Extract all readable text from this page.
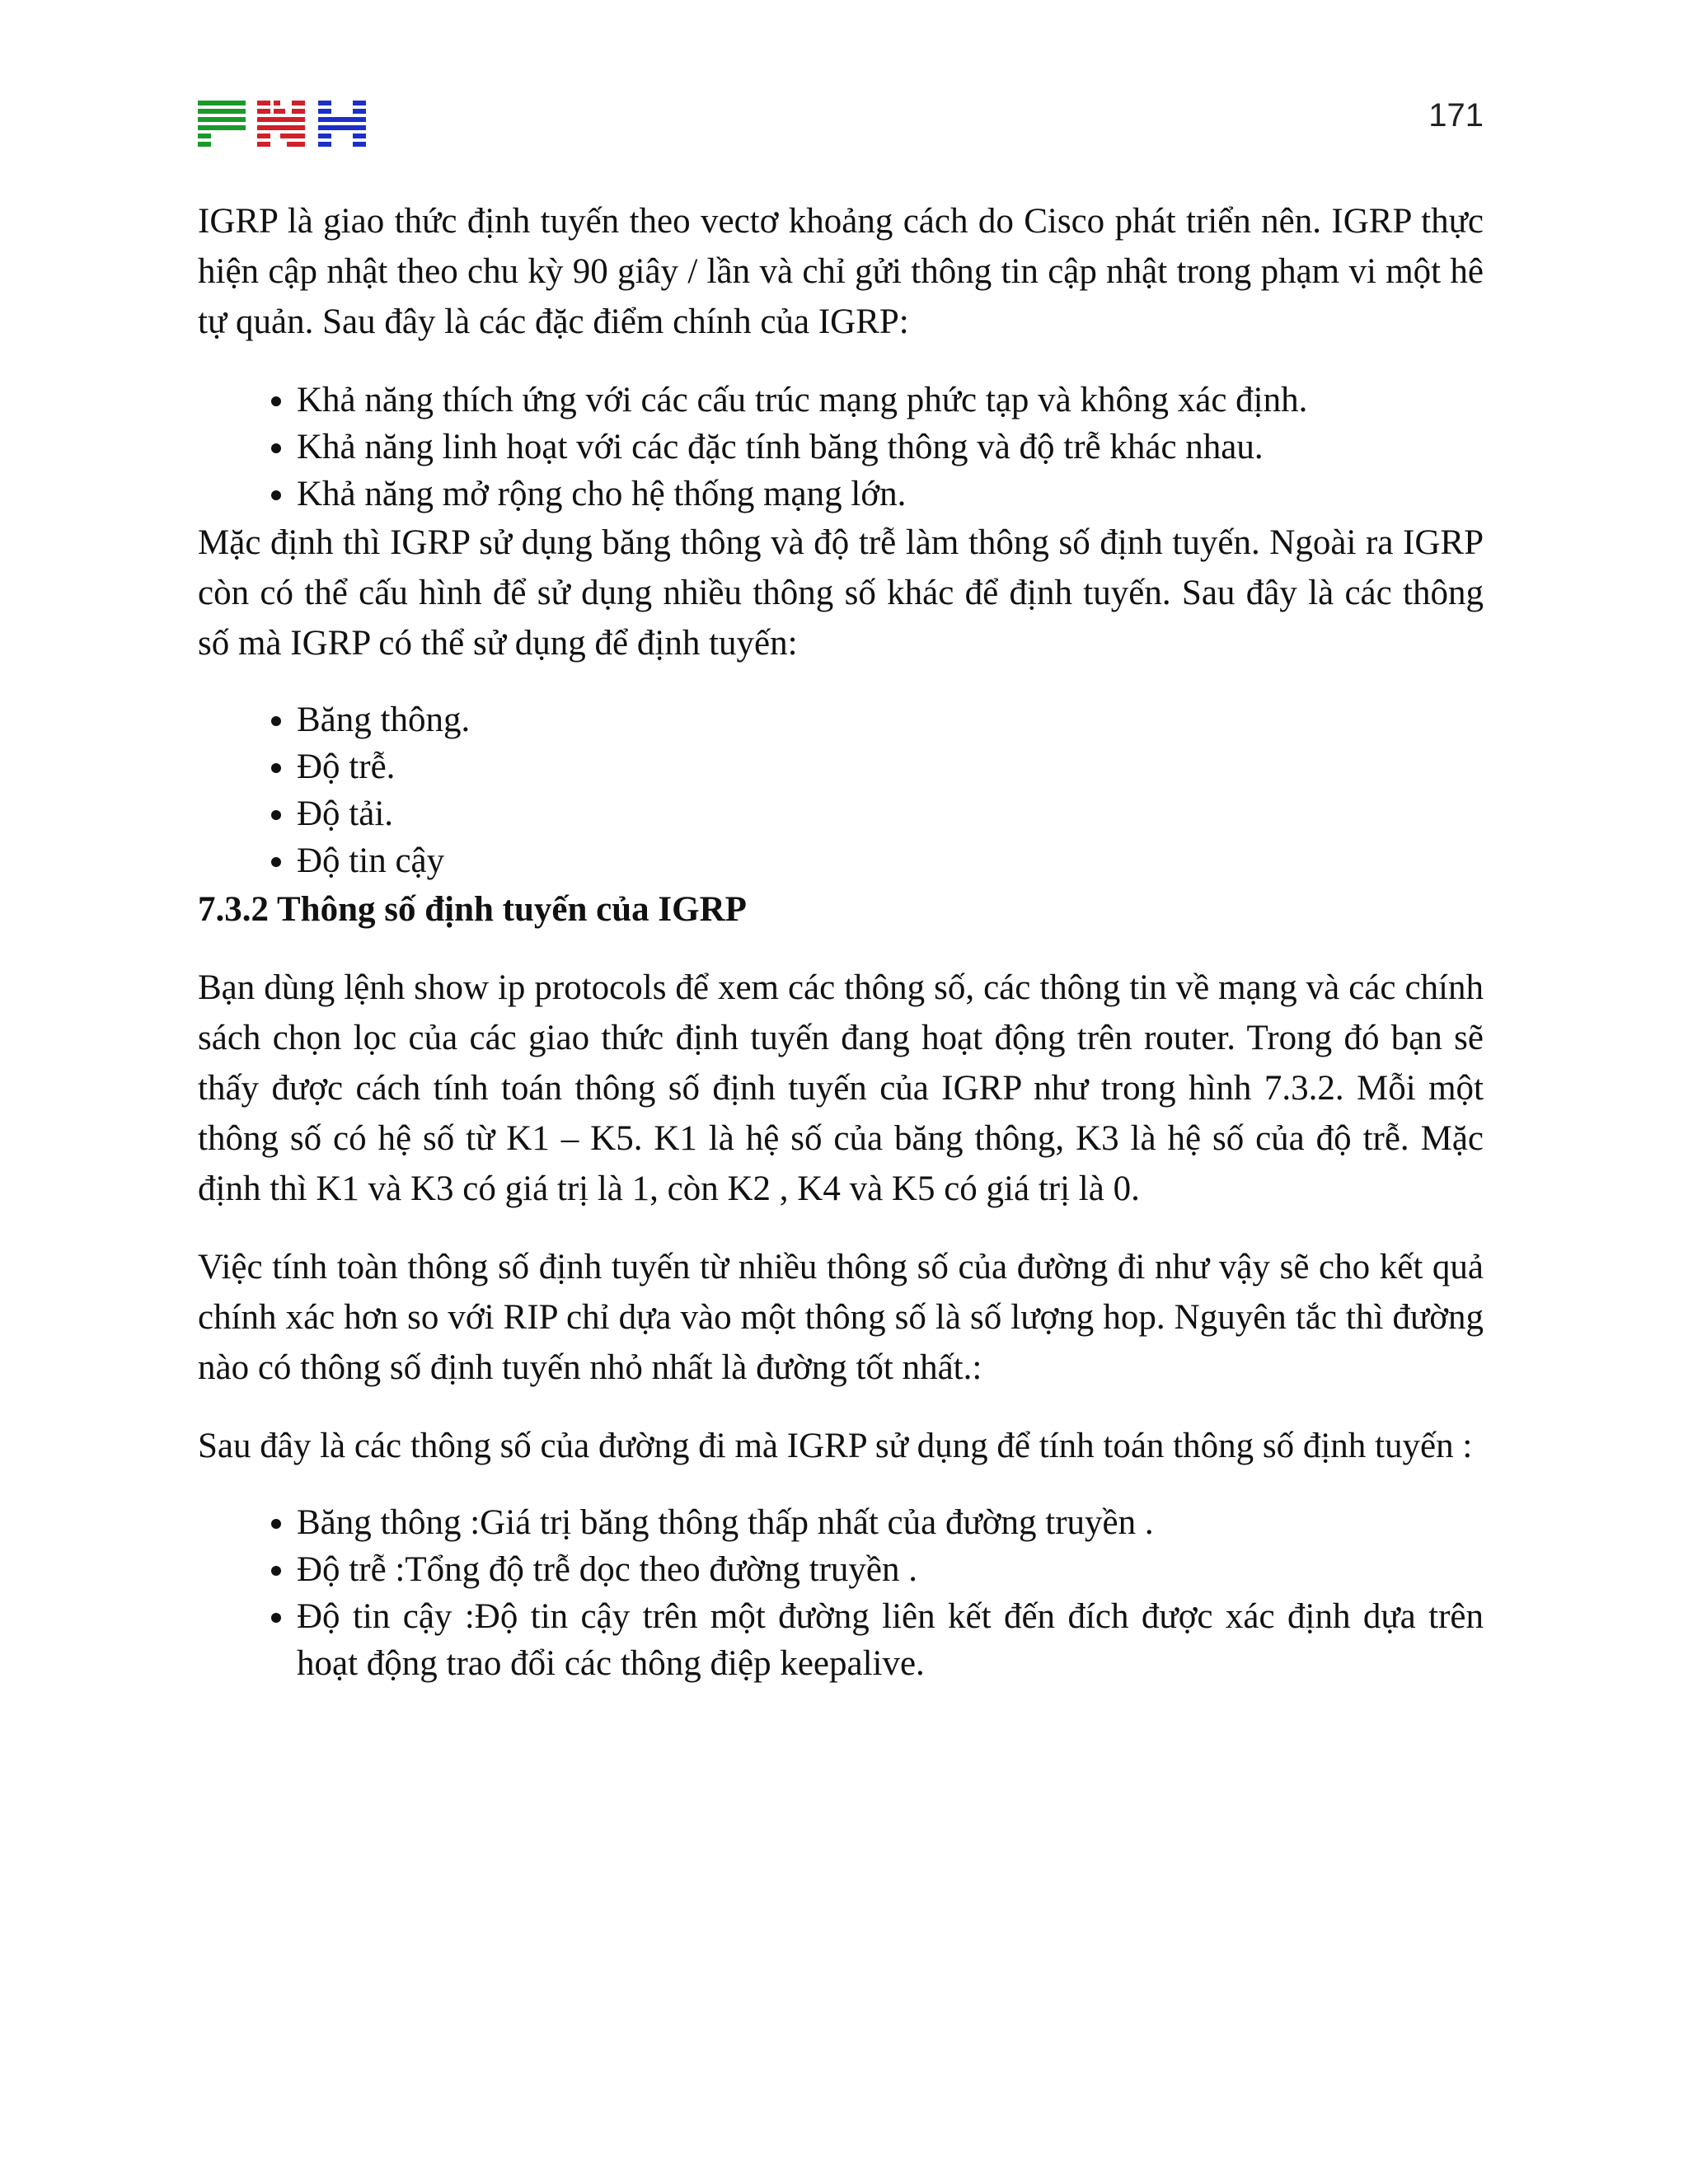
171

IGRP là giao thức định tuyến theo vectơ khoảng cách do Cisco phát triển nên. IGRP thực hiện cập nhật theo chu kỳ 90 giây / lần và chỉ gửi thông tin cập nhật trong phạm vi một hê tự quản. Sau đây là các đặc điểm chính của IGRP:

• Khả năng thích ứng với các cấu trúc mạng phức tạp và không xác định.
• Khả năng linh hoạt với các đặc tính băng thông và độ trễ khác nhau.
• Khả năng mở rộng cho hệ thống mạng lớn.

Mặc định thì IGRP sử dụng băng thông và độ trễ làm thông số định tuyến. Ngoài ra IGRP còn có thể cấu hình để sử dụng nhiều thông số khác để định tuyến. Sau đây là các thông số mà IGRP có thể sử dụng để định tuyến:

• Băng thông.
• Độ trễ.
• Độ tải.
• Độ tin cậy

7.3.2 Thông số định tuyến của IGRP

Bạn dùng lệnh show ip protocols để xem các thông số, các thông tin về mạng và các chính sách chọn lọc của các giao thức định tuyến đang hoạt động trên router. Trong đó bạn sẽ thấy được cách tính toán thông số định tuyến của IGRP như trong hình 7.3.2. Mỗi một thông số có hệ số từ K1 – K5. K1 là hệ số của băng thông, K3 là hệ số của độ trễ. Mặc định thì K1 và K3 có giá trị là 1, còn K2 , K4 và K5 có giá trị là 0.

Việc tính toàn thông số định tuyến từ nhiều thông số của đường đi như vậy sẽ cho kết quả chính xác hơn so với RIP chỉ dựa vào một thông số là số lượng hop. Nguyên tắc thì đường nào có thông số định tuyến nhỏ nhất là đường tốt nhất.:

Sau đây là các thông số của đường đi mà IGRP sử dụng để tính toán thông số định tuyến :

• Băng thông :Giá trị băng thông thấp nhất của đường truyền .
• Độ trễ :Tổng độ trễ dọc theo đường truyền .
• Độ tin cậy :Độ tin cậy trên một đường liên kết đến đích được xác định dựa trên hoạt động trao đổi các thông điệp keepalive.
